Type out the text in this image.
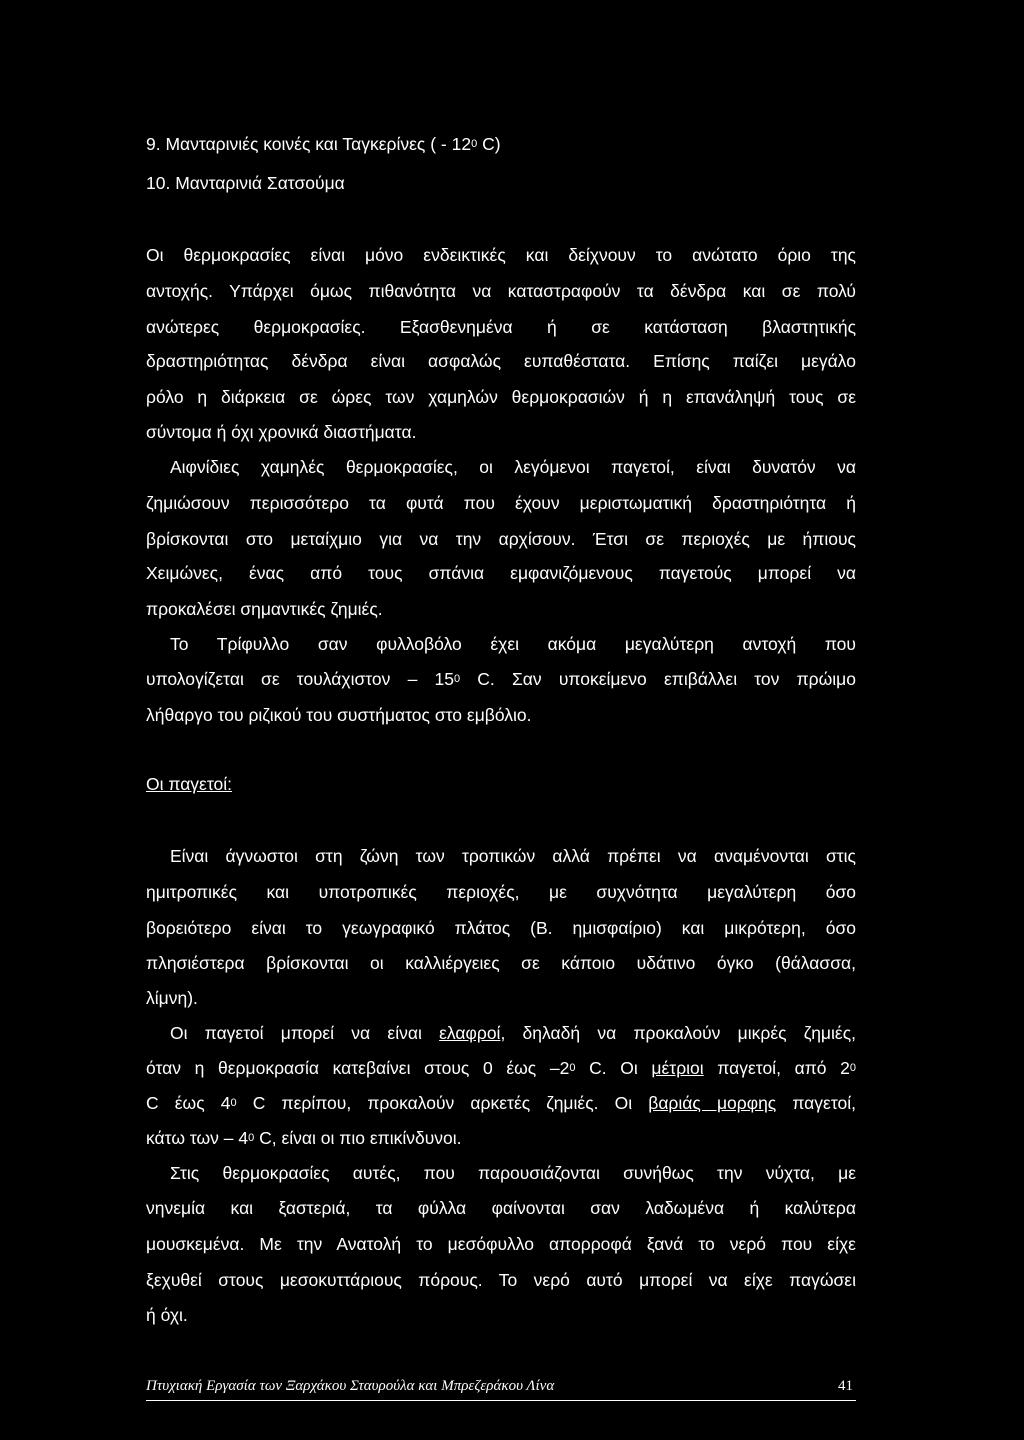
9. Μανταρινιές κοινές και Ταγκερίνες ( - $12^0$ C)
10. Μανταρινιά Σατσούμα
Οι θερμοκρασίες είναι μόνο ενδεικτικές και δείχνουν το ανώτατο όριο της
αντοχής. Υπάρχει όμως πιθανότητα να καταστραφούν τα δένδρα και σε πολύ
ανώτερες θερμοκρασίες. Εξασθενημένα ή σε κατάσταση βλαστητικής
δραστηριότητας δένδρα είναι ασφαλώς ευπαθέστατα. Επίσης παίζει μεγάλο
ρόλο η διάρκεια σε ώρες των χαμηλών θερμοκρασιών ή η επανάληψή τους σε
σύντομα ή όχι χρονικά διαστήματα.
Αιφνίδιες χαμηλές θερμοκρασίες, οι λεγόμενοι παγετοί, είναι δυνατόν να
ζημιώσουν περισσότερο τα φυτά που έχουν μεριστωματική δραστηριότητα ή
βρίσκονται στο μεταίχμιο για να την αρχίσουν. Έτσι σε περιοχές με ήπιους
Χειμώνες, ένας από τους σπάνια εμφανιζόμενους παγετούς μπορεί να
προκαλέσει σημαντικές ζημιές.
Το Τρίφυλλο σαν φυλλοβόλο έχει ακόμα μεγαλύτερη αντοχή που
υπολογίζεται σε τουλάχιστον – $15^0$ C. Σαν υποκείμενο επιβάλλει τον πρώιμο
λήθαργο του ριζικού του συστήματος στο εμβόλιο.
Οι παγετοί:
Είναι άγνωστοι στη ζώνη των τροπικών αλλά πρέπει να αναμένονται στις
ημιτροπικές και υποτροπικές περιοχές, με συχνότητα μεγαλύτερη όσο
βορειότερο είναι το γεωγραφικό πλάτος (Β. ημισφαίριο) και μικρότερη, όσο
πλησιέστερα βρίσκονται οι καλλιέργειες σε κάποιο υδάτινο όγκο (θάλασσα,
λίμνη).
Οι παγετοί μπορεί να είναι ελαφροί, δηλαδή να προκαλούν μικρές ζημιές,
όταν η θερμοκρασία κατεβαίνει στους 0 έως $-2^0$ C. Οι μέτριοι παγετοί, από $2^0$
C έως $4^0$ C περίπου, προκαλούν αρκετές ζημιές. Οι βαριάς μορφης παγετοί,
κάτω των – $4^0$ C, είναι οι πιο επικίνδυνοι.
Στις θερμοκρασίες αυτές, που παρουσιάζονται συνήθως την νύχτα, με
νηνεμία και ξαστεριά, τα φύλλα φαίνονται σαν λαδωμένα ή καλύτερα
μουσκεμένα. Με την Ανατολή το μεσόφυλλο απορροφά ξανά το νερό που είχε
ξεχυθεί στους μεσοκυττάριους πόρους. Το νερό αυτό μπορεί να είχε παγώσει
ή όχι.
Πτυχιακή Εργασία των Ξαρχάκου Σταυρούλα και Μπρεζεράκου Λίνα	41
